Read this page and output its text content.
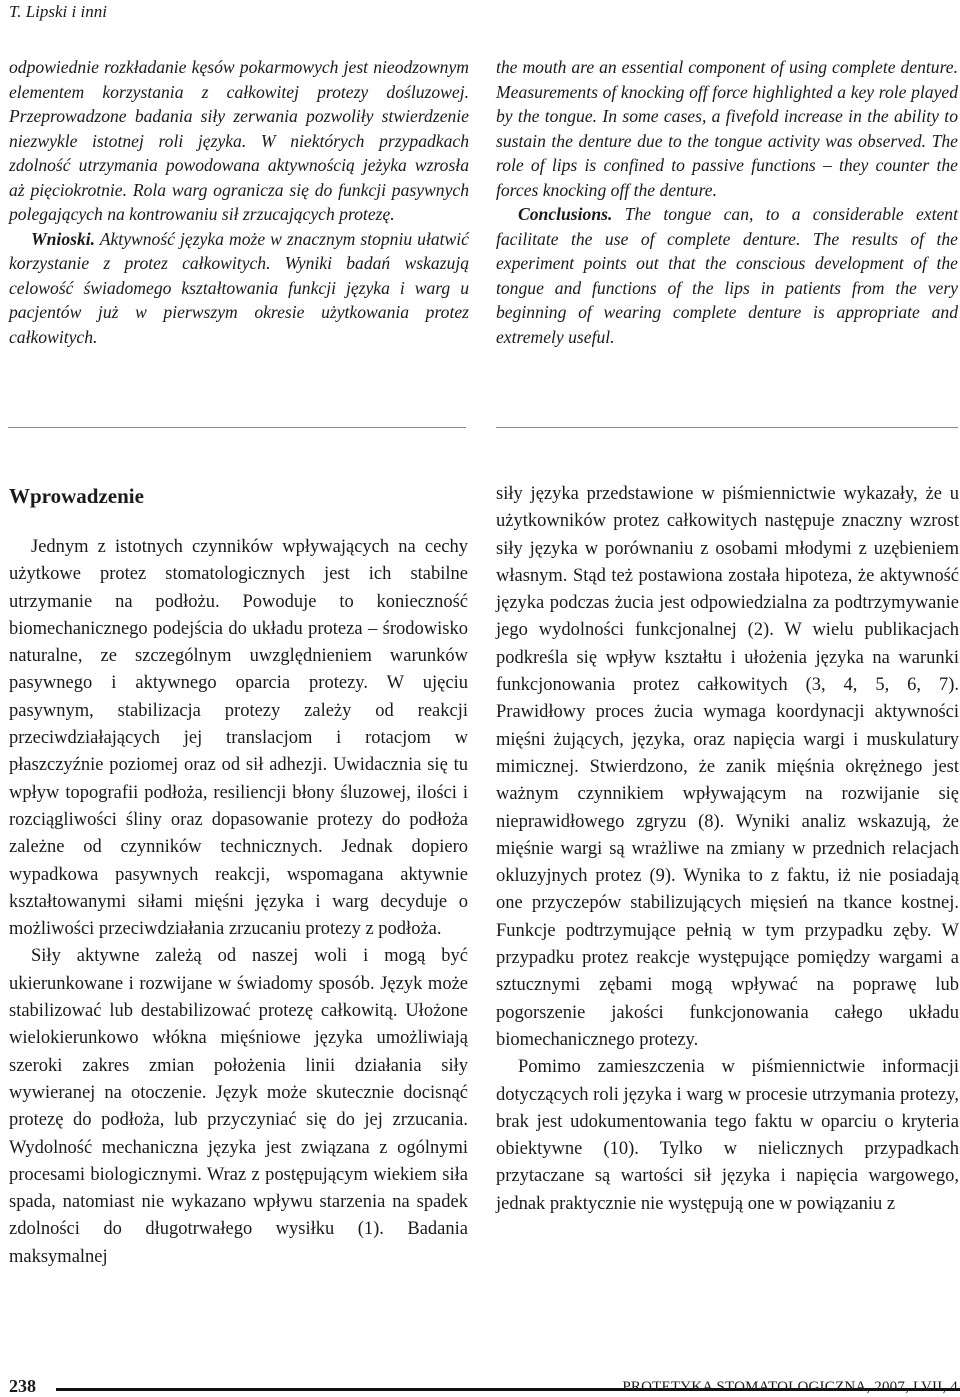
T. Lipski i inni

odpowiednie rozkładanie kęsów pokarmowych jest nieodzownym elementem korzystania z całkowitej protezy dośluzowej. Przeprowadzone badania siły zerwania pozwoliły stwierdzenie niezwykle istotnej roli języka. W niektórych przypadkach zdolność utrzymania powodowana aktywnością jeżyka wzrosła aż pięciokrotnie. Rola warg ogranicza się do funkcji pasywnych polegających na kontrowaniu sił zrzucających protezę.

Wnioski. Aktywność języka może w znacznym stopniu ułatwić korzystanie z protez całkowitych. Wyniki badań wskazują celowość świadomego kształtowania funkcji języka i warg u pacjentów już w pierwszym okresie użytkowania protez całkowitych.

the mouth are an essential component of using complete denture. Measurements of knocking off force highlighted a key role played by the tongue. In some cases, a fivefold increase in the ability to sustain the denture due to the tongue activity was observed. The role of lips is confined to passive functions – they counter the forces knocking off the denture.

Conclusions. The tongue can, to a considerable extent facilitate the use of complete denture. The results of the experiment points out that the conscious development of the tongue and functions of the lips in patients from the very beginning of wearing complete denture is appropriate and extremely useful.

Wprowadzenie

Jednym z istotnych czynników wpływających na cechy użytkowe protez stomatologicznych jest ich stabilne utrzymanie na podłożu. Powoduje to konieczność biomechanicznego podejścia do układu proteza – środowisko naturalne, ze szczególnym uwzględnieniem warunków pasywnego i aktywnego oparcia protezy. W ujęciu pasywnym, stabilizacja protezy zależy od reakcji przeciwdziałających jej translacjom i rotacjom w płaszczyźnie poziomej oraz od sił adhezji. Uwidacznia się tu wpływ topografii podłoża, resiliencji błony śluzowej, ilości i rozciągliwości śliny oraz dopasowanie protezy do podłoża zależne od czynników technicznych. Jednak dopiero wypadkowa pasywnych reakcji, wspomagana aktywnie kształtowanymi siłami mięśni języka i warg decyduje o możliwości przeciwdziałania zrzucaniu protezy z podłoża.

Siły aktywne zależą od naszej woli i mogą być ukierunkowane i rozwijane w świadomy sposób. Język może stabilizować lub destabilizować protezę całkowitą. Ułożone wielokierunkowo włókna mięśniowe języka umożliwiają szeroki zakres zmian położenia linii działania siły wywieranej na otoczenie. Język może skutecznie docisnąć protezę do podłoża, lub przyczyniać się do jej zrzucania. Wydolność mechaniczna języka jest związana z ogólnymi procesami biologicznymi. Wraz z postępującym wiekiem siła spada, natomiast nie wykazano wpływu starzenia na spadek zdolności do długotrwałego wysiłku (1). Badania maksymalnej

siły języka przedstawione w piśmiennictwie wykazały, że u użytkowników protez całkowitych następuje znaczny wzrost siły języka w porównaniu z osobami młodymi z uzębieniem własnym. Stąd też postawiona została hipoteza, że aktywność języka podczas żucia jest odpowiedzialna za podtrzymywanie jego wydolności funkcjonalnej (2). W wielu publikacjach podkreśla się wpływ kształtu i ułożenia języka na warunki funkcjonowania protez całkowitych (3, 4, 5, 6, 7). Prawidłowy proces żucia wymaga koordynacji aktywności mięśni żujących, języka, oraz napięcia wargi i muskulatury mimicznej. Stwierdzono, że zanik mięśnia okrężnego jest ważnym czynnikiem wpływającym na rozwijanie się nieprawidłowego zgryzu (8). Wyniki analiz wskazują, że mięśnie wargi są wrażliwe na zmiany w przednich relacjach okluzyjnych protez (9). Wynika to z faktu, iż nie posiadają one przyczepów stabilizujących mięsień na tkance kostnej. Funkcje podtrzymujące pełnią w tym przypadku zęby. W przypadku protez reakcje występujące pomiędzy wargami a sztucznymi zębami mogą wpływać na poprawę lub pogorszenie jakości funkcjonowania całego układu biomechanicznego protezy.

Pomimo zamieszczenia w piśmiennictwie informacji dotyczących roli języka i warg w procesie utrzymania protezy, brak jest udokumentowania tego faktu w oparciu o kryteria obiektywne (10). Tylko w nielicznych przypadkach przytaczane są wartości sił języka i napięcia wargowego, jednak praktycznie nie występują one w powiązaniu z

238	PROTETYKA STOMATOLOGICZNA, 2007, LVII, 4
